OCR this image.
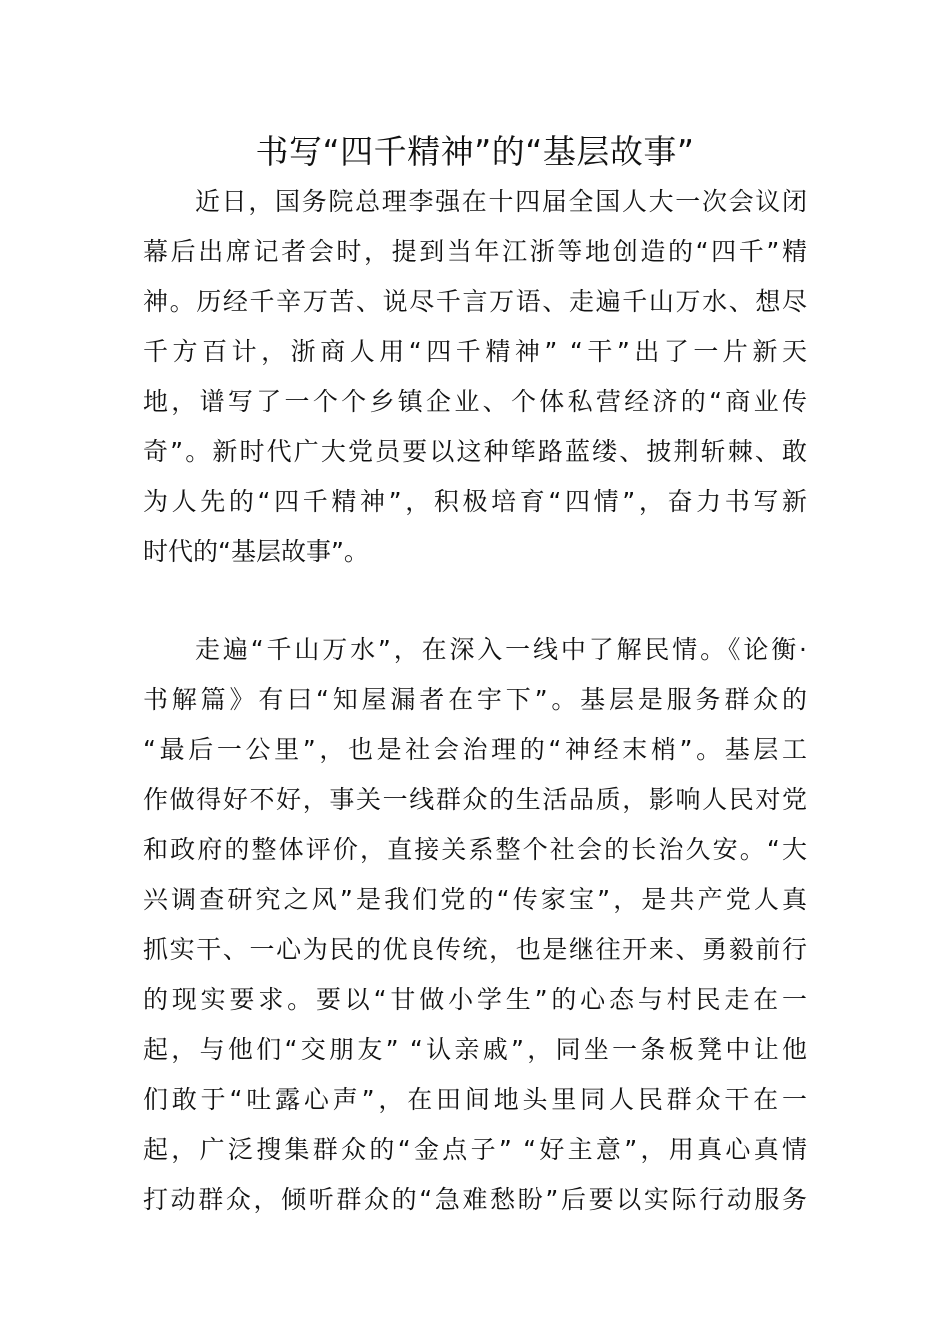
书写“四千精神”的“基层故事”
近日，国务院总理李强在十四届全国人大一次会议闭
幕后出席记者会时，提到当年江浙等地创造的“四千”精
神。历经千辛万苦、说尽千言万语、走遍千山万水、想尽
千方百计，浙商人用“四千精神” “干”出了一片新天
地，谱写了一个个乡镇企业、个体私营经济的“商业传
奇”。新时代广大党员要以这种筚路蓝缕、披荆斩棘、敢
为人先的“四千精神”，积极培育“四情”，奋力书写新
时代的“基层故事”。
走遍“千山万水”，在深入一线中了解民情。《论衡·
书解篇》有曰“知屋漏者在宇下”。基层是服务群众的
“最后一公里”，也是社会治理的“神经末梢”。基层工
作做得好不好，事关一线群众的生活品质，影响人民对党
和政府的整体评价，直接关系整个社会的长治久安。“大
兴调查研究之风”是我们党的“传家宝”，是共产党人真
抓实干、一心为民的优良传统，也是继往开来、勇毅前行
的现实要求。要以“甘做小学生”的心态与村民走在一
起，与他们“交朋友” “认亲戚”，同坐一条板凳中让他
们敢于“吐露心声”，在田间地头里同人民群众干在一
起，广泛搜集群众的“金点子” “好主意”，用真心真情
打动群众，倾听群众的“急难愁盼”后要以实际行动服务
